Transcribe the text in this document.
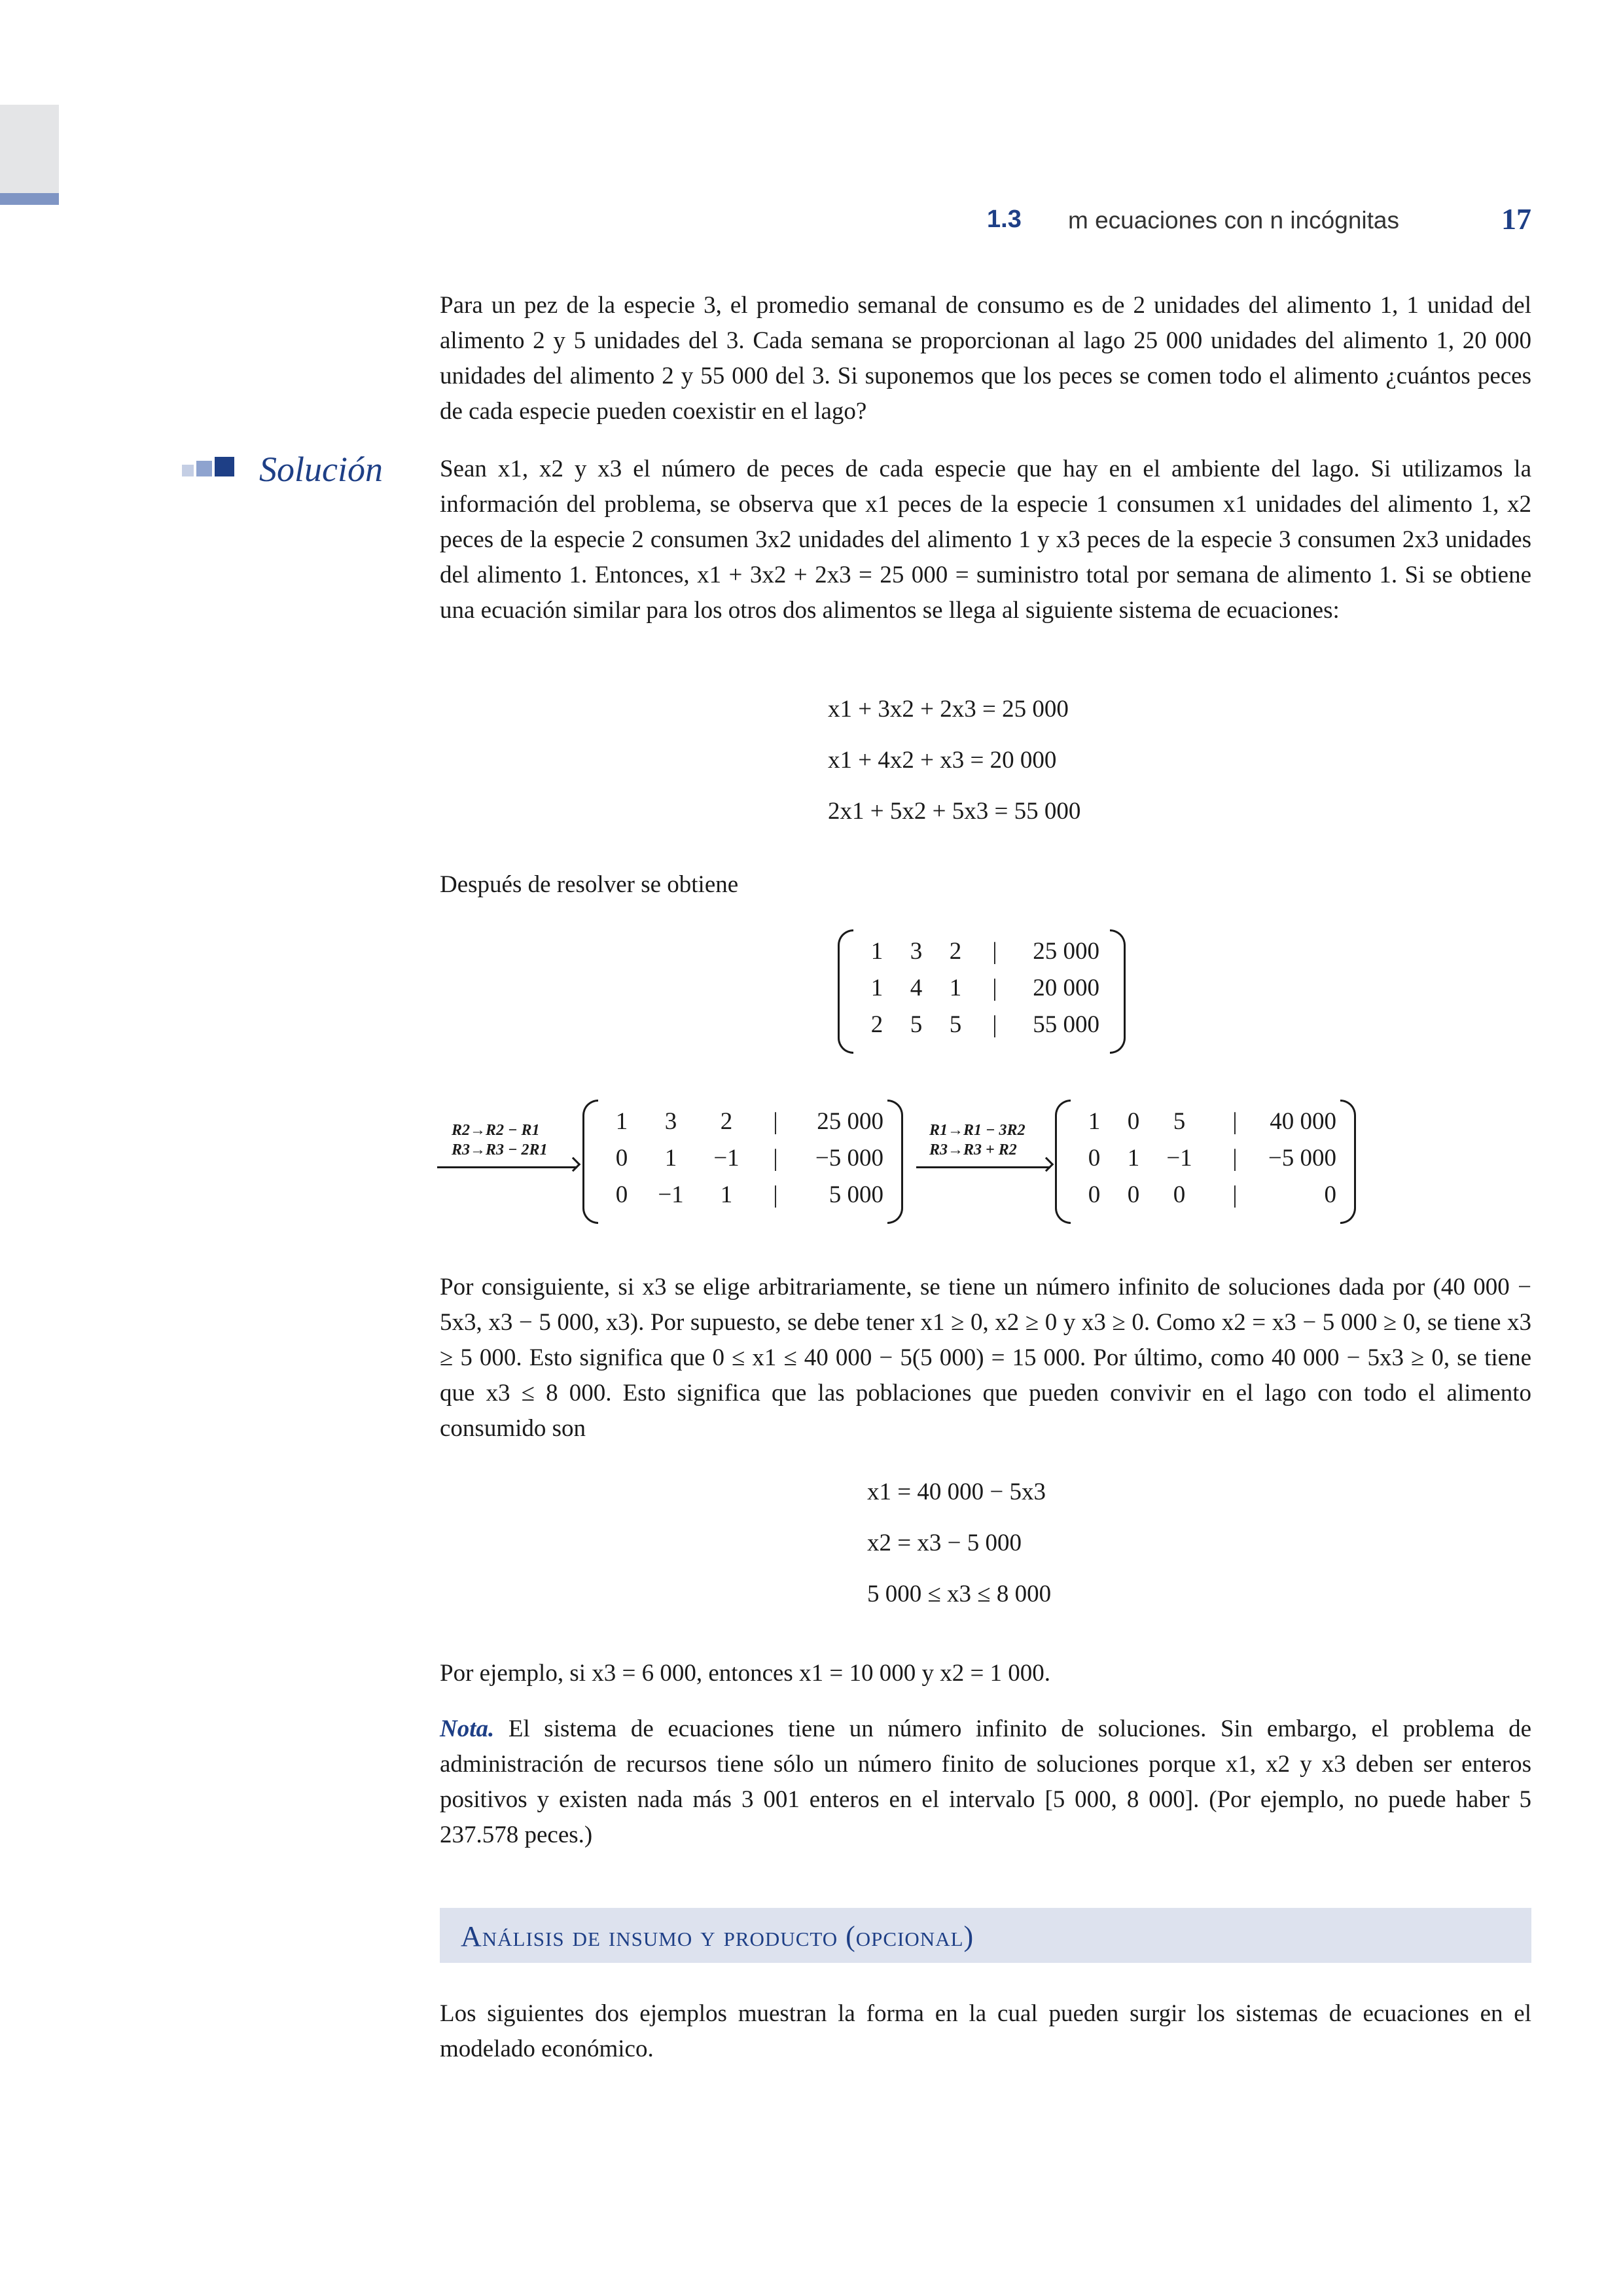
1.3 m ecuaciones con n incógnitas	17

Para un pez de la especie 3, el promedio semanal de consumo es de 2 unidades del alimento 1, 1 unidad del alimento 2 y 5 unidades del 3. Cada semana se proporcionan al lago 25 000 unidades del alimento 1, 20 000 unidades del alimento 2 y 55 000 del 3. Si suponemos que los peces se comen todo el alimento ¿cuántos peces de cada especie pueden coexistir en el lago?

Solución Sean x1, x2 y x3 el número de peces de cada especie que hay en el ambiente del lago. Si utilizamos la información del problema, se observa que x1 peces de la especie 1 consumen x1 unidades del alimento 1, x2 peces de la especie 2 consumen 3x2 unidades del alimento 1 y x3 peces de la especie 3 consumen 2x3 unidades del alimento 1. Entonces, x1 + 3x2 + 2x3 = 25 000 = suministro total por semana de alimento 1. Si se obtiene una ecuación similar para los otros dos alimentos se llega al siguiente sistema de ecuaciones:

x1 + 3x2 + 2x3 = 25 000
x1 + 4x2 + x3 = 20 000
2x1 + 5x2 + 5x3 = 55 000

Después de resolver se obtiene

1	3	2	|	25 000
1	4	1	|	20 000
2	5	5	|	55 000
R2→R2 − R1
R3→R3 − 2R1
1	3	2	|	25 000
0	1	−1	|	−5 000
0	−1	1	|	5 000
R1→R1 − 3R2
R3→R3 + R2
1	0	5	|	40 000
0	1	−1	|	−5 000
0	0	0	|	0

Por consiguiente, si x3 se elige arbitrariamente, se tiene un número infinito de soluciones dada por (40 000 − 5x3, x3 − 5 000, x3). Por supuesto, se debe tener x1 ≥ 0, x2 ≥ 0 y x3 ≥ 0. Como x2 = x3 − 5 000 ≥ 0, se tiene x3 ≥ 5 000. Esto significa que 0 ≤ x1 ≤ 40 000 − 5(5 000) = 15 000. Por último, como 40 000 − 5x3 ≥ 0, se tiene que x3 ≤ 8 000. Esto significa que las poblaciones que pueden convivir en el lago con todo el alimento consumido son

x1 = 40 000 − 5x3
x2 = x3 − 5 000
5 000 ≤ x3 ≤ 8 000

Por ejemplo, si x3 = 6 000, entonces x1 = 10 000 y x2 = 1 000.

Nota. El sistema de ecuaciones tiene un número infinito de soluciones. Sin embargo, el problema de administración de recursos tiene sólo un número finito de soluciones porque x1, x2 y x3 deben ser enteros positivos y existen nada más 3 001 enteros en el intervalo [5 000, 8 000]. (Por ejemplo, no puede haber 5 237.578 peces.)

Análisis de insumo y producto (opcional)

Los siguientes dos ejemplos muestran la forma en la cual pueden surgir los sistemas de ecuaciones en el modelado económico.
